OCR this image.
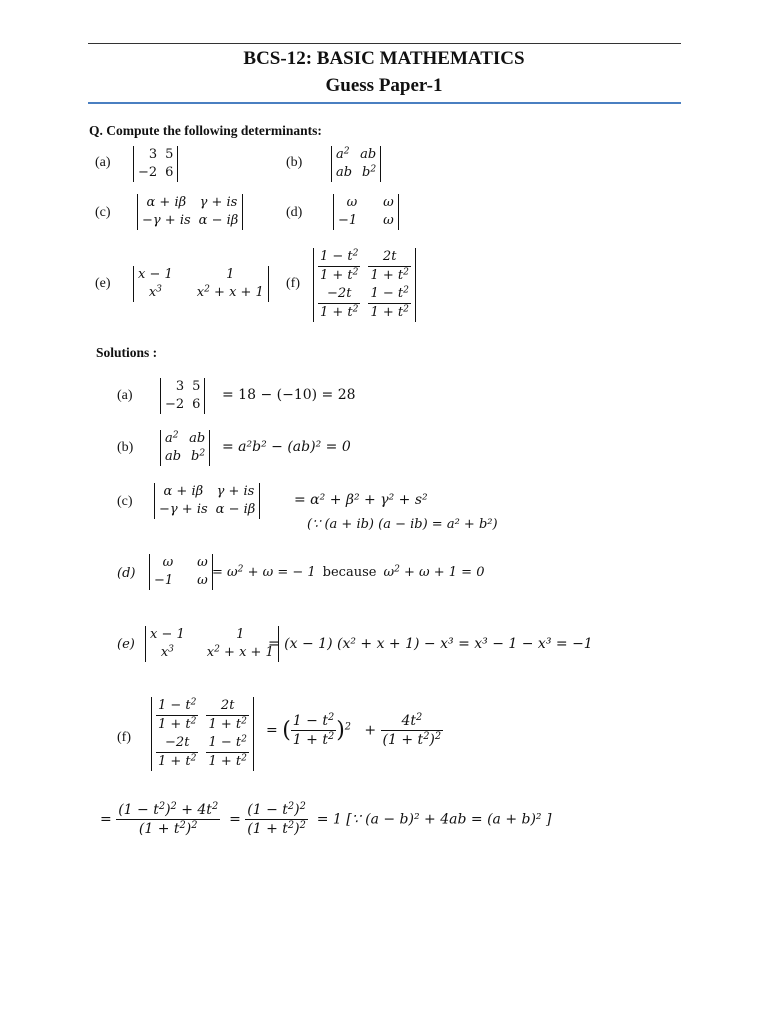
BCS-12: BASIC MATHEMATICS
Guess Paper-1
Q. Compute the following determinants:
(a)
3	5
−2	6
(b)
$a^2$	ab
ab	$b^2$
(c)
α + iβ	γ + is
−γ + is	α − iβ
(d)
ω	ω
−1	ω
(e)
x − 1	1
$x^3$	$x^2 + x + 1$
$(f) \frac{1 - t^2}{1 + t^2}$	$\frac{2t}{1 + t^2}$

$\frac{-2t}{1 + t^2}$	$\frac{1 - t^2}{1 + t^2}$
Solutions :
(a)
3	5
−2	6
= 18 − (−10) = 28
(b)
$a^2$	ab
ab	$b^2 = a^2b^2 - (ab)^2 = 0$
(c)
α + iβ	γ + is
−γ + is	α − iβ
= α² + β² + γ² + s²
(∵ (a + ib) (a − ib) = a² + b²)
(d)
ω	ω
−1	ω
= $\omega^2 + \omega$ = − 1 because $\omega^2 + \omega + 1 = 0$
(e)
x − 1	1
$x^3$	$x^2 + x + 1$
= (x − 1) (x² + x + 1) − x³ = x³ − 1 − x³ = −1
(f)
$\frac{1 - t^2}{1 + t^2}$	$\frac{2t}{1 + t^2}$

$\frac{-2t}{1 + t^2}$	$\frac{1 - t^2}{1 + t^2}$
= ( $\frac{1 - t^2}{1 + t^2} )^2 + \frac{4t^2}{(1 + t^2)^2}$
= $\frac{(1 - t^2)^2 + 4t^2}{(1 + t^2)^2} = \frac{(1 - t^2)^2}{(1 + t^2)^2} = 1$ [∵ (a − b)² + 4ab = (a + b)² ]
